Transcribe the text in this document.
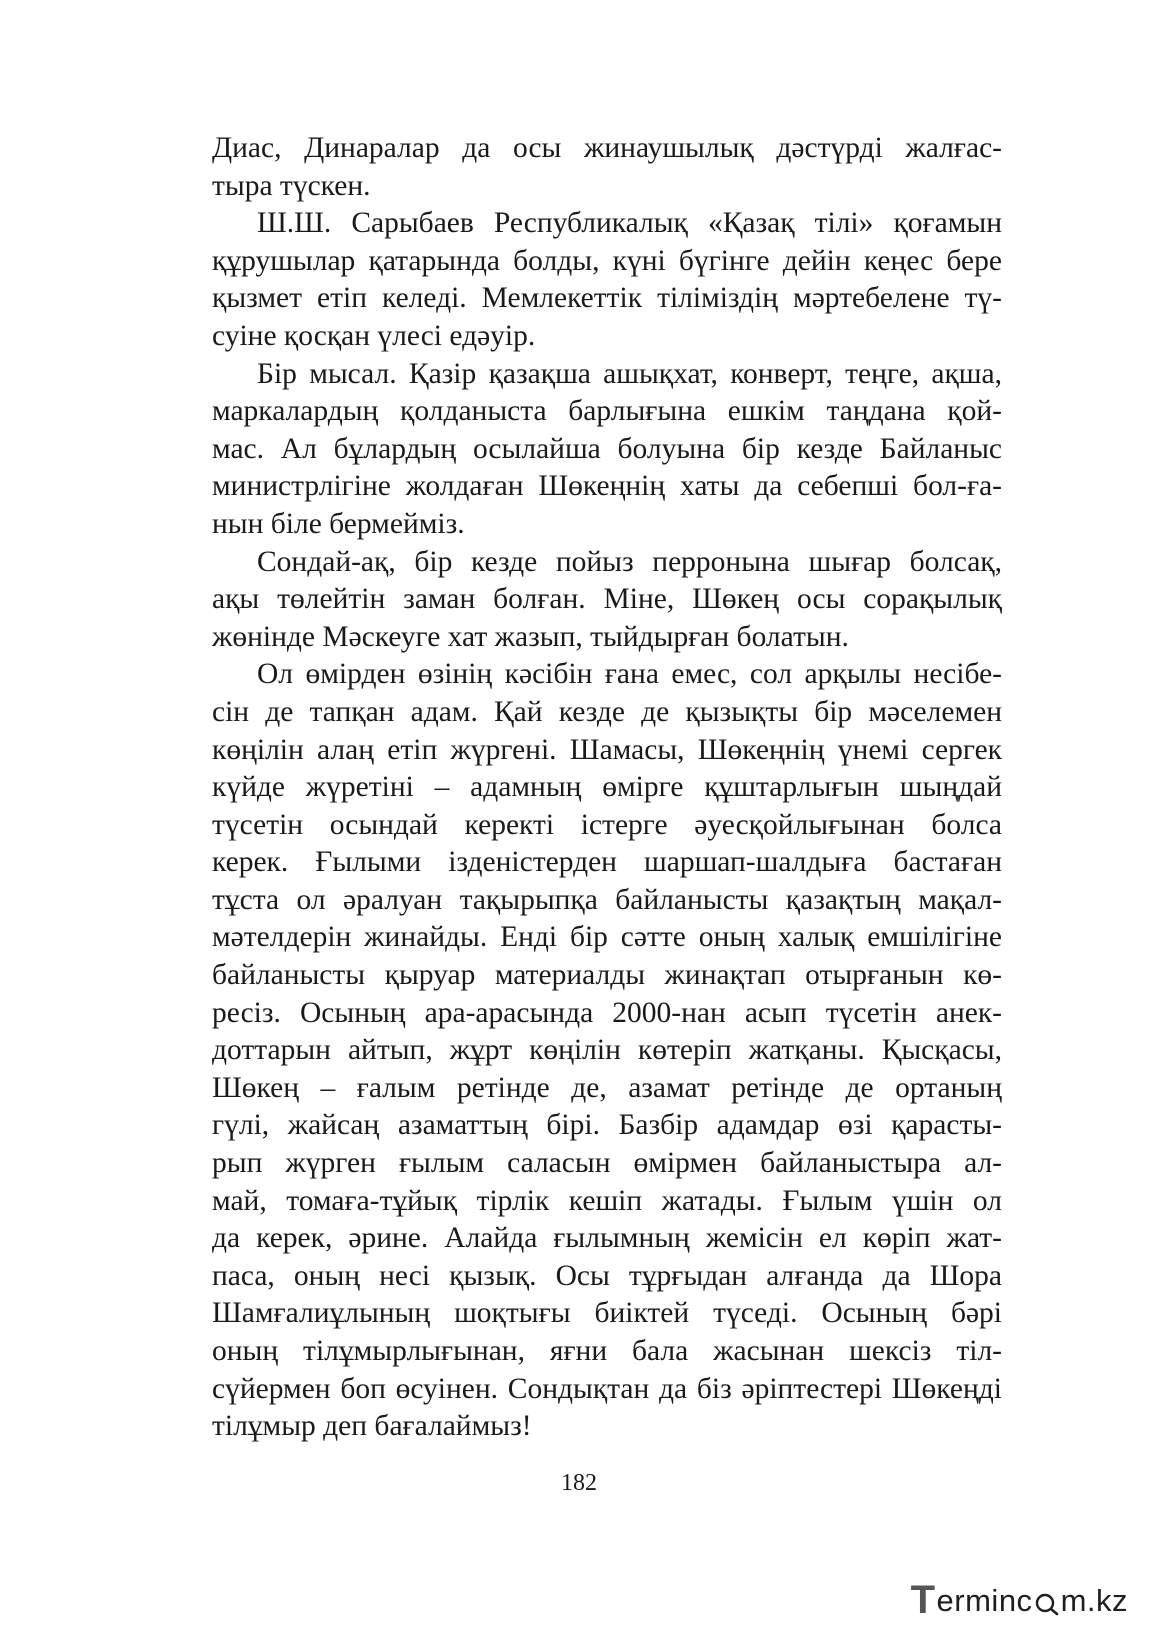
Диас, Динаралар да осы жинаушылық дәстүрді жалғас-
тыра түскен.
Ш.Ш. Сарыбаев Республикалық «Қазақ тілі» қоғамын
құрушылар қатарында болды, күні бүгінге дейін кеңес бере
қызмет етіп келеді. Мемлекеттік тіліміздің мәртебелене тү-
суіне қосқан үлесі едәуір.
Бір мысал. Қазір қазақша ашықхат, конверт, теңге, ақша,
маркалардың қолданыста барлығына ешкім таңдана қой-
мас. Ал бұлардың осылайша болуына бір кезде Байланыс
министрлігіне жолдаған Шөкеңнің хаты да себепші бол-ға-
нын біле бермейміз.
Сондай-ақ, бір кезде пойыз перронына шығар болсақ,
ақы төлейтін заман болған. Міне, Шөкең осы сорақылық
жөнінде Мәскеуге хат жазып, тыйдырған болатын.
Ол өмірден өзінің кәсібін ғана емес, сол арқылы несібе-
сін де тапқан адам. Қай кезде де қызықты бір мәселемен
көңілін алаң етіп жүргені. Шамасы, Шөкеңнің үнемі сергек
күйде жүретіні – адамның өмірге құштарлығын шыңдай
түсетін осындай керекті істерге әуесқойлығынан болса
керек. Ғылыми ізденістерден шаршап-шалдыға бастаған
тұста ол әралуан тақырыпқа байланысты қазақтың мақал-
мәтелдерін жинайды. Енді бір сәтте оның халық емшілігіне
байланысты қыруар материалды жинақтап отырғанын кө-
ресіз. Осының ара-арасында 2000-нан асып түсетін анек-
доттарын айтып, жұрт көңілін көтеріп жатқаны. Қысқасы,
Шөкең – ғалым ретінде де, азамат ретінде де ортаның
гүлі, жайсаң азаматтың бірі. Базбір адамдар өзі қарасты-
рып жүрген ғылым саласын өмірмен байланыстыра ал-
май, томаға-тұйық тірлік кешіп жатады. Ғылым үшін ол
да керек, әрине. Алайда ғылымның жемісін ел көріп жат-
паса, оның несі қызық. Осы тұрғыдан алғанда да Шора
Шамғалиұлының шоқтығы биіктей түседі. Осының бәрі
оның тілұмырлығынан, яғни бала жасынан шексіз тіл-
сүйермен боп өсуінен. Сондықтан да біз әріптестері Шөкеңді
тілұмыр деп бағалаймыз!
182
T erminc m.kz
